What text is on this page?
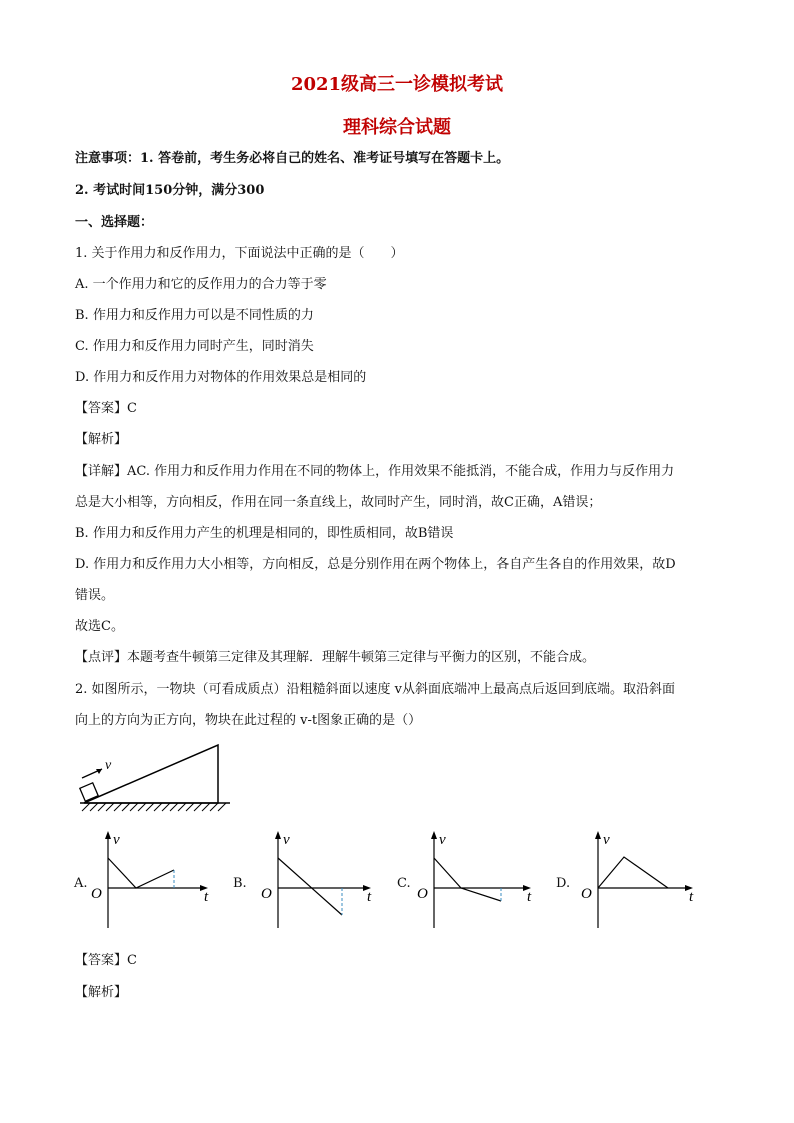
2021级高三一诊模拟考试
理科综合试题
注意事项：1. 答卷前，考生务必将自己的姓名、准考证号填写在答题卡上。
2. 考试时间150分钟，满分300
一、选择题：
1. 关于作用力和反作用力，下面说法中正确的是（　　）
A. 一个作用力和它的反作用力的合力等于零
B. 作用力和反作用力可以是不同性质的力
C. 作用力和反作用力同时产生，同时消失
D. 作用力和反作用力对物体的作用效果总是相同的
【答案】C
【解析】
【详解】AC. 作用力和反作用力作用在不同的物体上，作用效果不能抵消，不能合成，作用力与反作用力
总是大小相等，方向相反，作用在同一条直线上，故同时产生，同时消，故C正确，A错误；
B. 作用力和反作用力产生的机理是相同的，即性质相同，故B错误
D. 作用力和反作用力大小相等，方向相反，总是分别作用在两个物体上，各自产生各自的作用效果，故D
错误。
故选C。
【点评】本题考查牛顿第三定律及其理解．理解牛顿第三定律与平衡力的区别，不能合成。
2. 如图所示，一物块（可看成质点）沿粗糙斜面以速度 v从斜面底端冲上最高点后返回到底端。取沿斜面
向上的方向为正方向，物块在此过程的 v-t图象正确的是（）
v
A.
v
t
O
B.
v
t
O
C.
v
t
O
D.
v
t
O
【答案】C
【解析】
